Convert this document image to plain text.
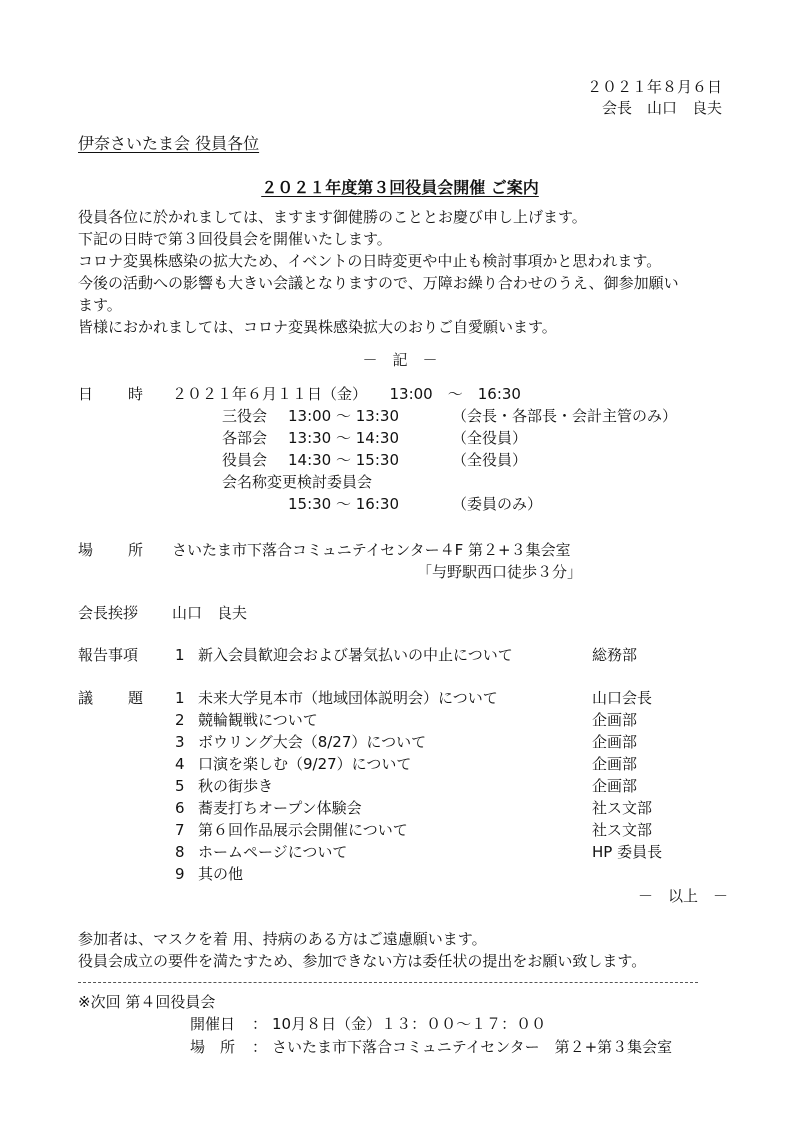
２０２１年８月６日
会長　山口　良夫
伊奈さいたま会 役員各位
２０２１年度第３回役員会開催 ご案内
役員各位に於かれましては、ますます御健勝のこととお慶び申し上げます。
下記の日時で第３回役員会を開催いたします。
コロナ変異株感染の拡大ため、イベントの日時変更や中止も検討事項かと思われます。
今後の活動への影響も大きい会議となりますので、万障お繰り合わせのうえ、御参加願い
ます。
皆様におかれましては、コロナ変異株感染拡大のおりご自愛願います。
－　記　－
日 時 ２０２１年６月１１日（金）　　13:00　～　16:30
三役会 13:00 ～ 13:30	（会長・各部長・会計主管のみ）
各部会 13:30 ～ 14:30	（全役員）
役員会 14:30 ～ 15:30	（全役員）
会名称変更検討委員会
15:30 ～ 16:30	（委員のみ）
場 所 さいたま市下落合コミュニテイセンター４F 第２+３集会室
「与野駅西口徒歩３分」
会長挨拶 山口　良夫
報告事項 1 新入会員歓迎会および暑気払いの中止について	総務部
議 題 1 未来大学見本市（地域団体説明会）について	山口会長
2 競輪観戦について	企画部
3 ボウリング大会（8/27）について	企画部
4 口演を楽しむ（9/27）について	企画部
5 秋の街歩き	企画部
6 蕎麦打ちオープン体験会	社ス文部
7 第６回作品展示会開催について	社ス文部
8 ホームページについて	HP 委員長
9 其の他
－　以上　－
参加者は、マスクを着 用、持病のある方はご遠慮願います。
役員会成立の要件を満たすため、参加できない方は委任状の提出をお願い致します。
※次回 第４回役員会
開催日 ： 10月８日（金）１３：００～１７：００
場　所 ： さいたま市下落合コミュニテイセンター　第２+第３集会室
